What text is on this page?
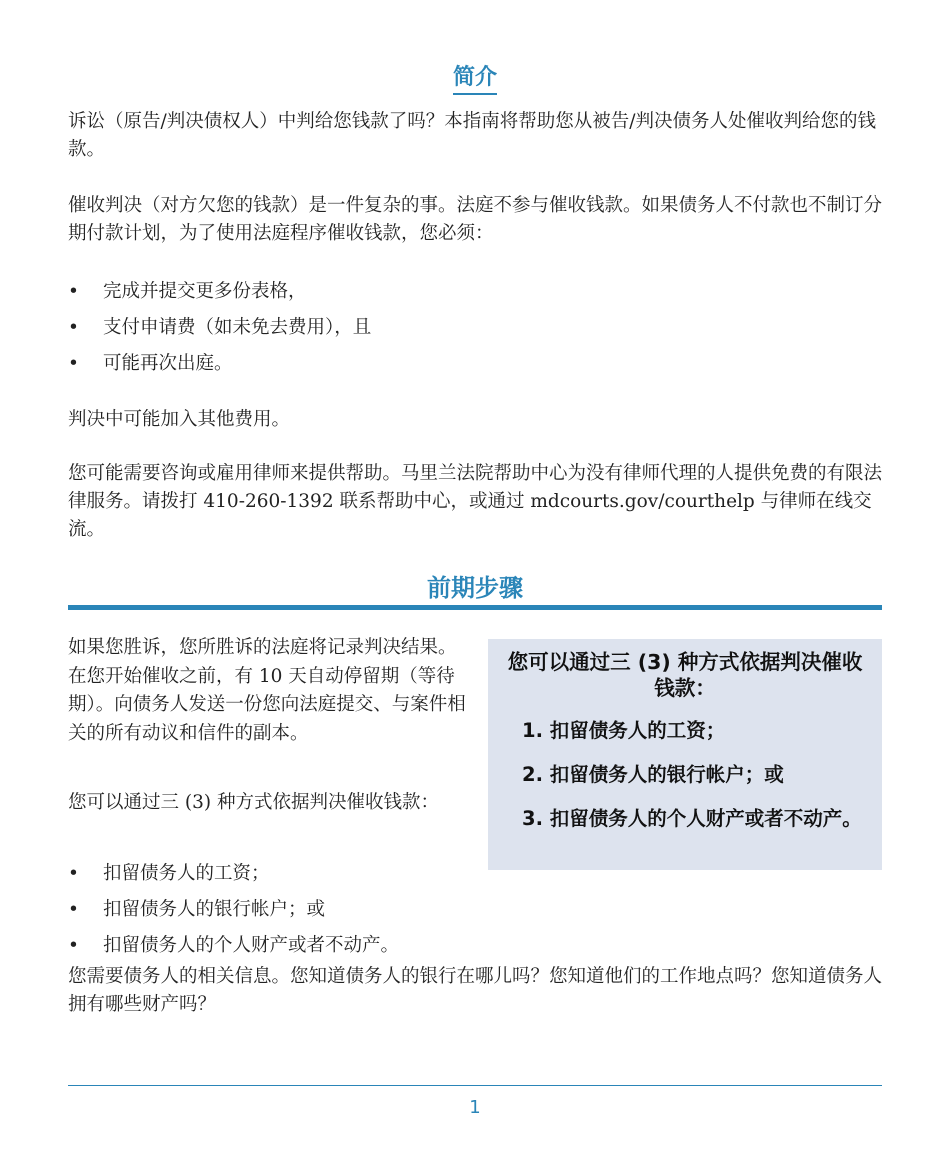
简介

诉讼（原告/判决债权人）中判给您钱款了吗？本指南将帮助您从被告/判决债务人处催收判给您的钱款。

催收判决（对方欠您的钱款）是一件复杂的事。法庭不参与催收钱款。如果债务人不付款也不制订分期付款计划，为了使用法庭程序催收钱款，您必须：

• 完成并提交更多份表格，
• 支付申请费（如未免去费用），且
• 可能再次出庭。

判决中可能加入其他费用。

您可能需要咨询或雇用律师来提供帮助。马里兰法院帮助中心为没有律师代理的人提供免费的有限法律服务。请拨打 410-260-1392 联系帮助中心，或通过 mdcourts.gov/courthelp 与律师在线交流。

前期步骤

如果您胜诉，您所胜诉的法庭将记录判决结果。在您开始催收之前，有 10 天自动停留期（等待期）。向债务人发送一份您向法庭提交、与案件相关的所有动议和信件的副本。

您可以通过三 (3) 种方式依据判决催收钱款：

您可以通过三 (3) 种方式依据判决催收钱款：
1. 扣留债务人的工资；
2. 扣留债务人的银行帐户；或
3. 扣留债务人的个人财产或者不动产。
• 扣留债务人的工资；
• 扣留债务人的银行帐户；或
• 扣留债务人的个人财产或者不动产。

您需要债务人的相关信息。您知道债务人的银行在哪儿吗？您知道他们的工作地点吗？您知道债务人拥有哪些财产吗？

1
